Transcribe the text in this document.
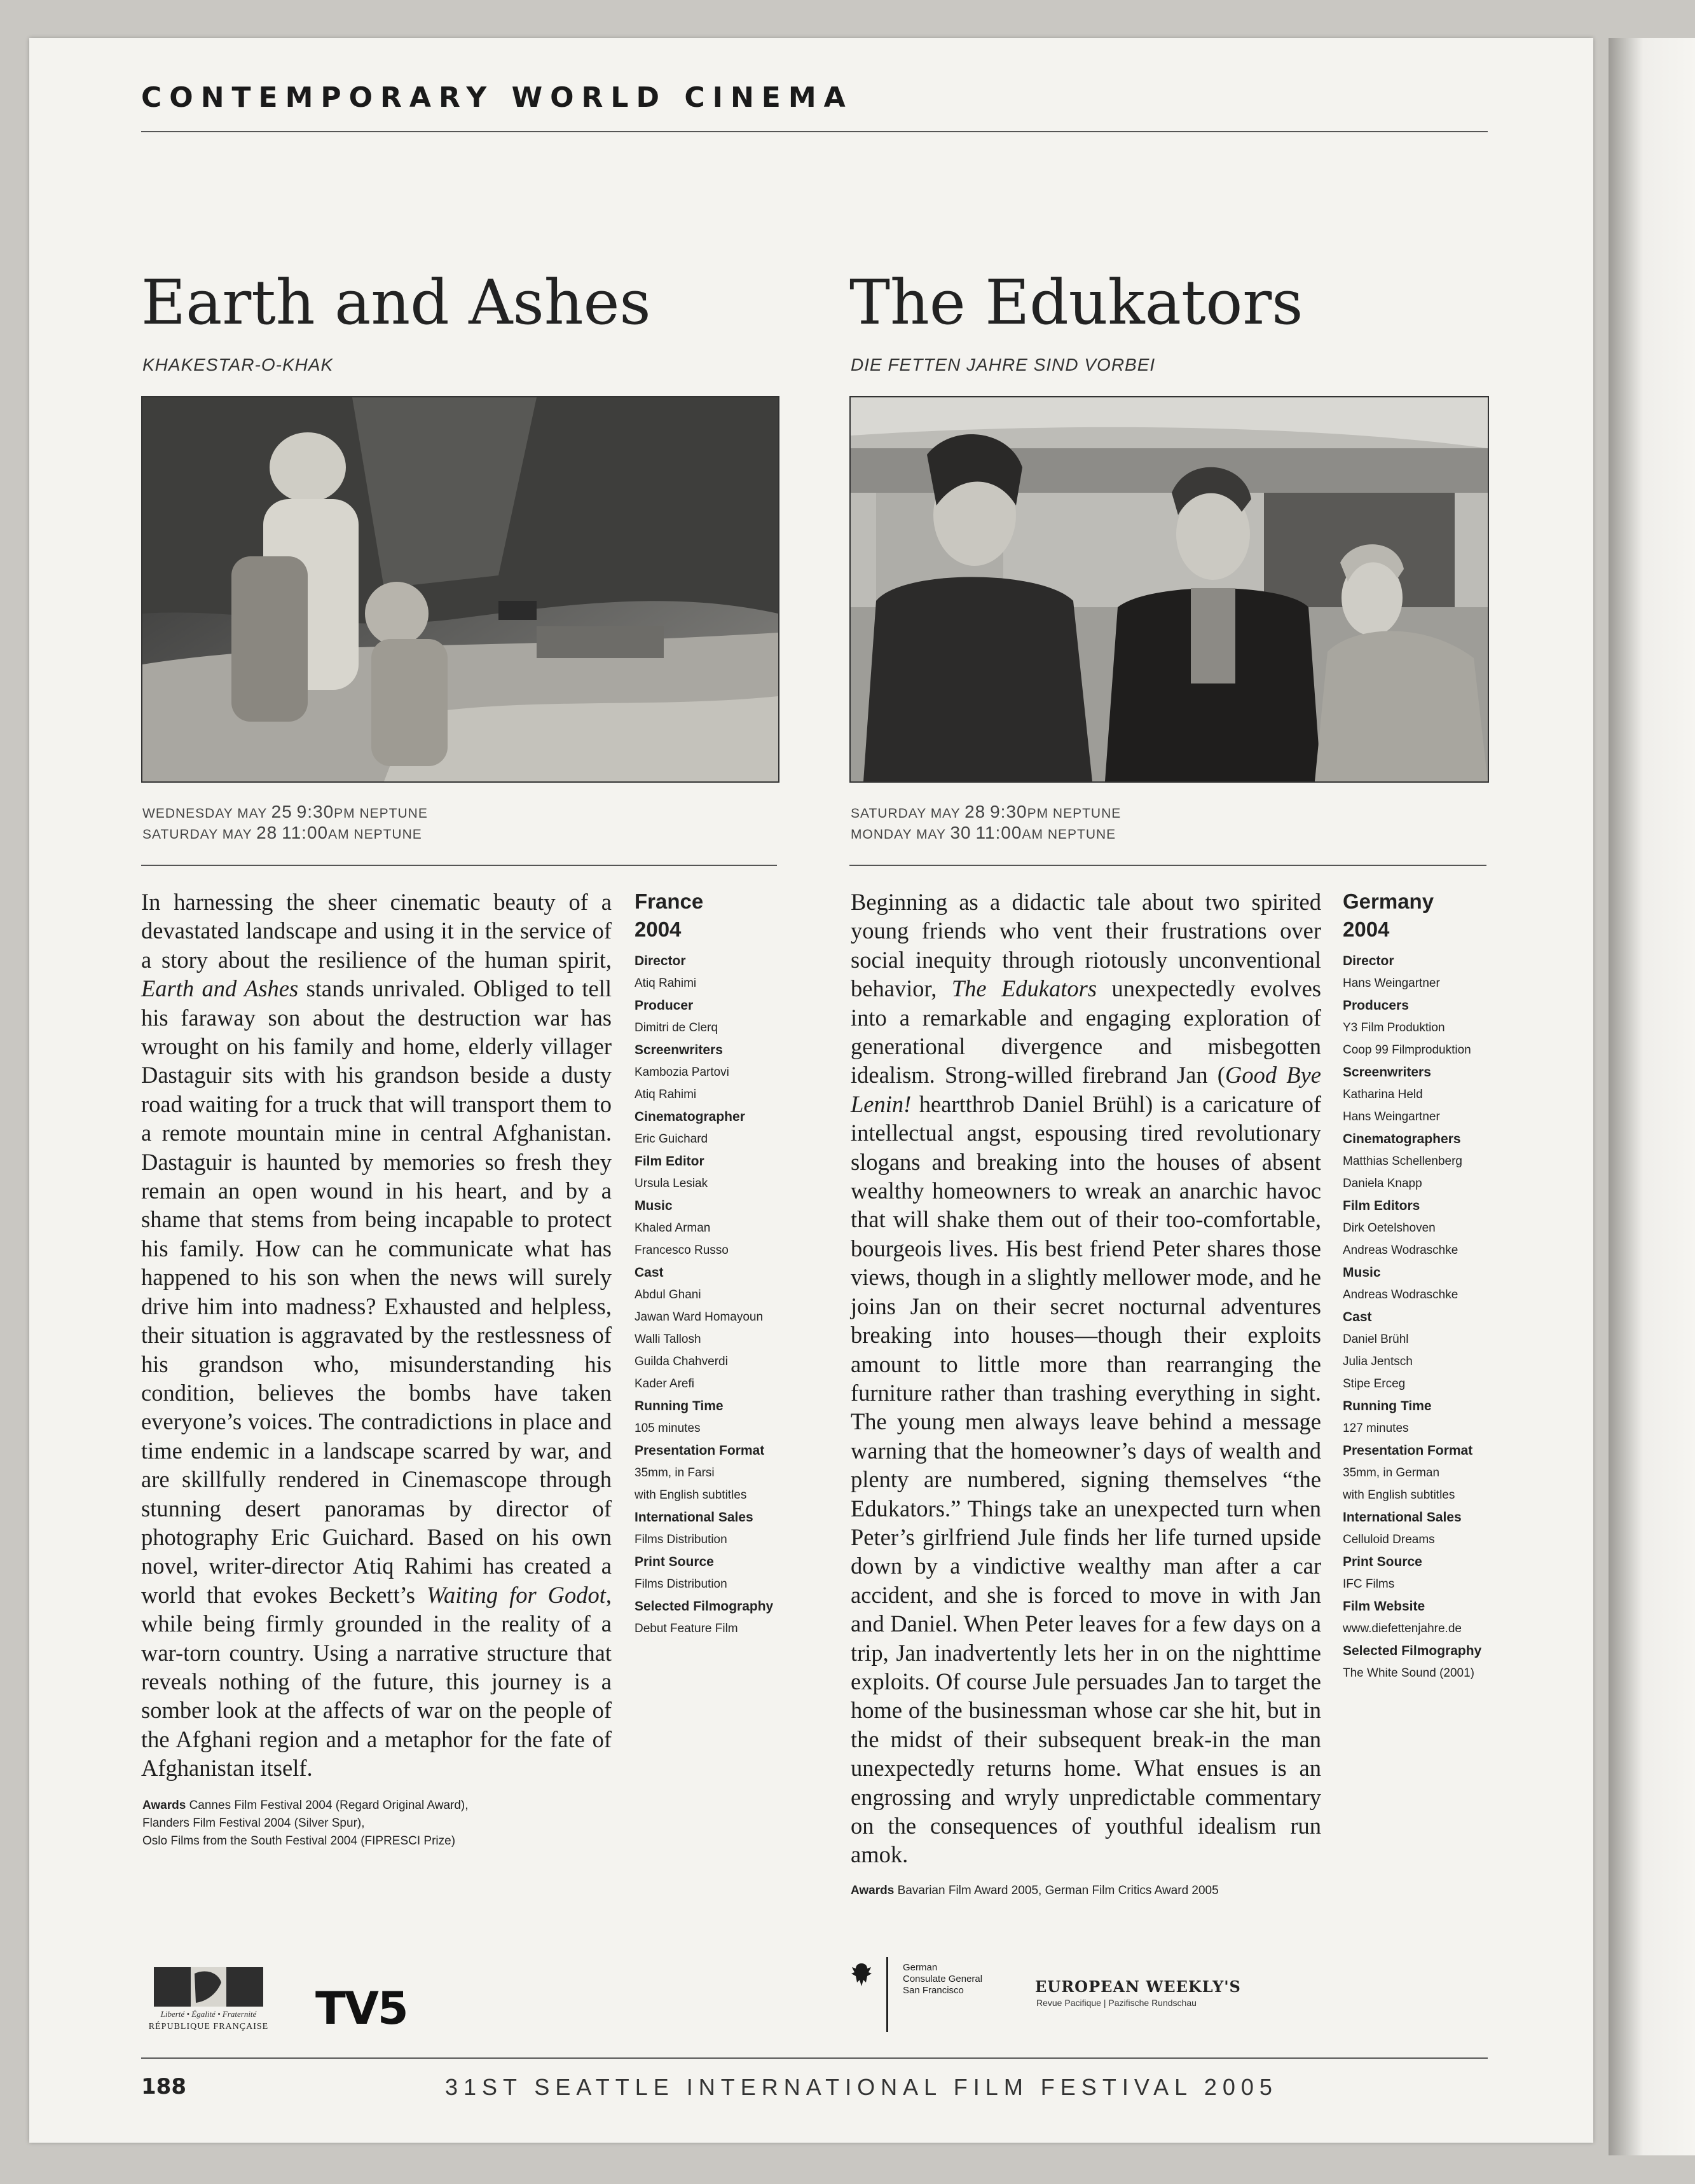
CONTEMPORARY WORLD CINEMA
Earth and Ashes
KHAKESTAR-O-KHAK
WEDNESDAY MAY 25 9:30PM NEPTUNE
SATURDAY MAY 28 11:00AM NEPTUNE
In harnessing the sheer cinematic beauty of a devastated landscape and using it in the service of a story about the resilience of the human spirit, Earth and Ashes stands unrivaled. Obliged to tell his faraway son about the destruction war has wrought on his family and home, elderly villager Dastaguir sits with his grandson beside a dusty road waiting for a truck that will transport them to a remote mountain mine in central Afghanistan. Dastaguir is haunted by memories so fresh they remain an open wound in his heart, and by a shame that stems from being incapable to protect his family. How can he communicate what has happened to his son when the news will surely drive him into madness? Exhausted and helpless, their situation is aggravated by the restlessness of his grandson who, misunderstanding his condition, believes the bombs have taken everyone’s voices. The contradictions in place and time endemic in a landscape scarred by war, and are skillfully rendered in Cinemascope through stunning desert panoramas by director of photography Eric Guichard. Based on his own novel, writer-director Atiq Rahimi has created a world that evokes Beckett’s Waiting for Godot, while being firmly grounded in the reality of a war-torn country. Using a narrative structure that reveals nothing of the future, this journey is a somber look at the affects of war on the people of the Afghani region and a metaphor for the fate of Afghanistan itself.
Awards Cannes Film Festival 2004 (Regard Original Award),
Flanders Film Festival 2004 (Silver Spur),
Oslo Films from the South Festival 2004 (FIPRESCI Prize)
France
2004
Director
Atiq Rahimi
Producer
Dimitri de Clerq
Screenwriters
Kambozia Partovi
Atiq Rahimi
Cinematographer
Eric Guichard
Film Editor
Ursula Lesiak
Music
Khaled Arman
Francesco Russo
Cast
Abdul Ghani
Jawan Ward Homayoun
Walli Tallosh
Guilda Chahverdi
Kader Arefi
Running Time
105 minutes
Presentation Format
35mm, in Farsi
with English subtitles
International Sales
Films Distribution
Print Source
Films Distribution
Selected Filmography
Debut Feature Film
The Edukators
DIE FETTEN JAHRE SIND VORBEI
SATURDAY MAY 28 9:30PM NEPTUNE
MONDAY MAY 30 11:00AM NEPTUNE
Beginning as a didactic tale about two spirited young friends who vent their frustrations over social inequity through riotously unconventional behavior, The Edukators unexpectedly evolves into a remarkable and engaging exploration of generational divergence and misbegotten idealism. Strong-willed firebrand Jan (Good Bye Lenin! heartthrob Daniel Brühl) is a caricature of intellectual angst, espousing tired revolutionary slogans and breaking into the houses of absent wealthy homeowners to wreak an anarchic havoc that will shake them out of their too-comfortable, bourgeois lives. His best friend Peter shares those views, though in a slightly mellower mode, and he joins Jan on their secret nocturnal adventures breaking into houses—though their exploits amount to little more than rearranging the furniture rather than trashing everything in sight. The young men always leave behind a message warning that the homeowner’s days of wealth and plenty are numbered, signing themselves “the Edukators.” Things take an unexpected turn when Peter’s girlfriend Jule finds her life turned upside down by a vindictive wealthy man after a car accident, and she is forced to move in with Jan and Daniel. When Peter leaves for a few days on a trip, Jan inadvertently lets her in on the nighttime exploits. Of course Jule persuades Jan to target the home of the businessman whose car she hit, but in the midst of their subsequent break-in the man unexpectedly returns home. What ensues is an engrossing and wryly unpredictable commentary on the consequences of youthful idealism run amok.
Awards Bavarian Film Award 2005, German Film Critics Award 2005
Germany
2004
Director
Hans Weingartner
Producers
Y3 Film Produktion
Coop 99 Filmproduktion
Screenwriters
Katharina Held
Hans Weingartner
Cinematographers
Matthias Schellenberg
Daniela Knapp
Film Editors
Dirk Oetelshoven
Andreas Wodraschke
Music
Andreas Wodraschke
Cast
Daniel Brühl
Julia Jentsch
Stipe Erceg
Running Time
127 minutes
Presentation Format
35mm, in German
with English subtitles
International Sales
Celluloid Dreams
Print Source
IFC Films
Film Website
www.diefettenjahre.de
Selected Filmography
The White Sound (2001)
Liberté • Égalité • Fraternité
RÉPUBLIQUE FRANÇAISE TV5
German
Consulate General
San Francisco	EUROPEAN WEEKLY'S
Revue Pacifique | Pazifische Rundschau
188	31ST SEATTLE INTERNATIONAL FILM FESTIVAL 2005
